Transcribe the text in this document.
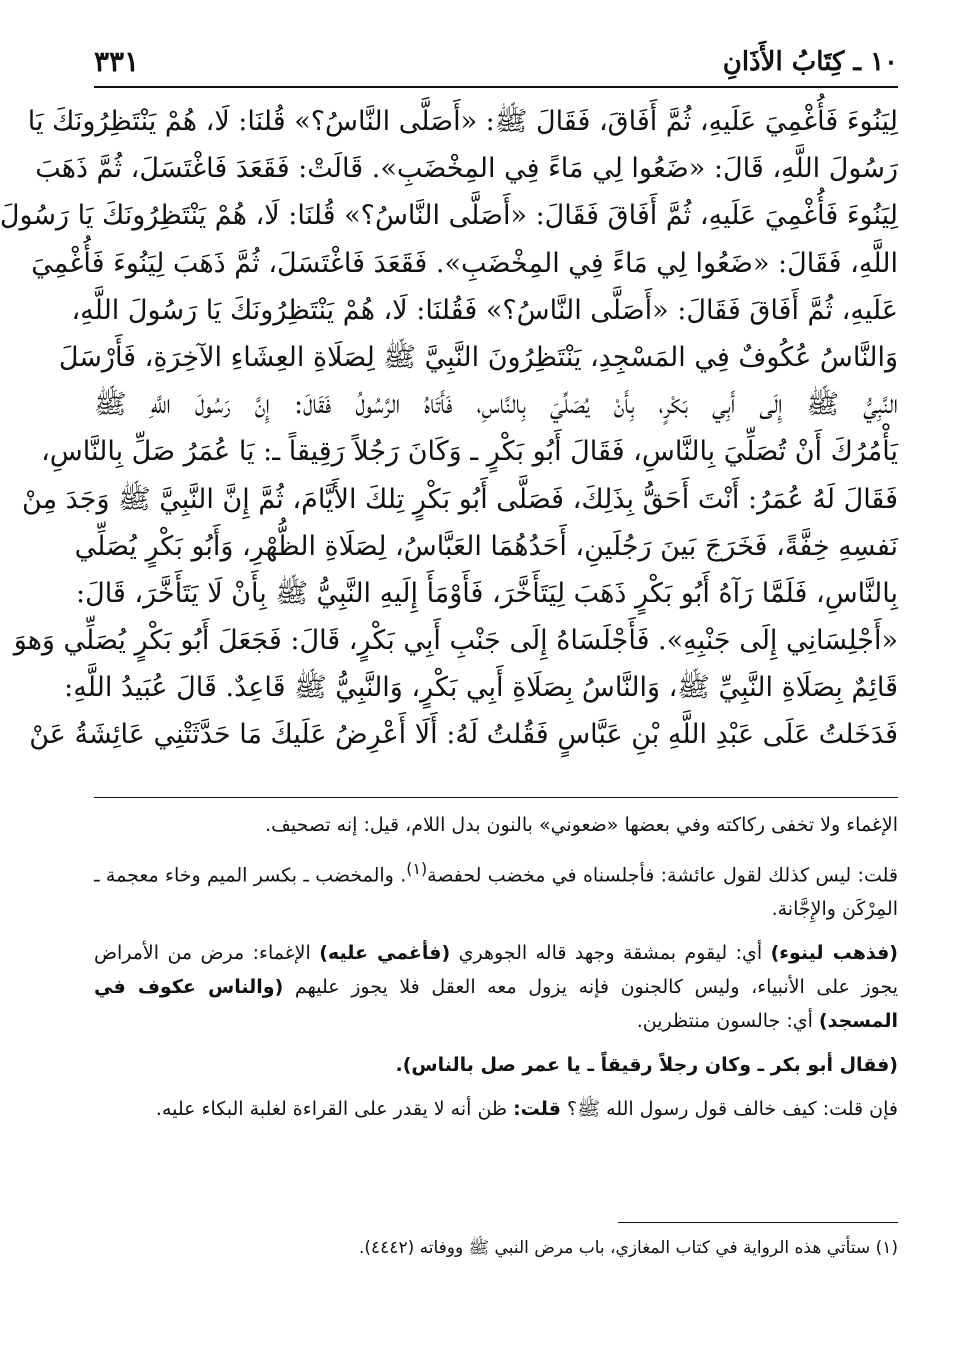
١٠ ـ كِتَابُ الأَذَانِ
٣٣١
لِيَنُوءَ فَأُغْمِيَ عَلَيهِ، ثُمَّ أَفَاقَ، فَقَالَ ﷺ: «أَصَلَّى النَّاسُ؟» قُلنَا: لَا، هُمْ يَنْتَظِرُونَكَ يَا
رَسُولَ اللَّهِ، قَالَ: «ضَعُوا لِي مَاءً فِي المِخْضَبِ». قَالَتْ: فَقَعَدَ فَاغْتَسَلَ، ثُمَّ ذَهَبَ
لِيَنُوءَ فَأُغْمِيَ عَلَيهِ، ثُمَّ أَفَاقَ فَقَالَ: «أَصَلَّى النَّاسُ؟» قُلنَا: لَا، هُمْ يَنْتَظِرُونَكَ يَا رَسُولَ
اللَّهِ، فَقَالَ: «ضَعُوا لِي مَاءً فِي المِخْضَبِ». فَقَعَدَ فَاغْتَسَلَ، ثُمَّ ذَهَبَ لِيَنُوءَ فَأُغْمِيَ
عَلَيهِ، ثُمَّ أَفَاقَ فَقَالَ: «أَصَلَّى النَّاسُ؟» فَقُلنَا: لَا، هُمْ يَنْتَظِرُونَكَ يَا رَسُولَ اللَّهِ،
وَالنَّاسُ عُكُوفٌ فِي المَسْجِدِ، يَنْتَظِرُونَ النَّبِيَّ ﷺ لِصَلَاةِ العِشَاءِ الآخِرَةِ، فَأَرْسَلَ
النَّبِيُّ ﷺ إِلَى أَبِي بَكْرٍ، بِأَنْ يُصَلِّيَ بِالنَّاسِ، فَأَتَاهُ الرَّسُولُ فَقَالَ: إِنَّ رَسُولَ اللَّهِ ﷺ
يَأْمُرُكَ أَنْ تُصَلِّيَ بِالنَّاسِ، فَقَالَ أَبُو بَكْرٍ ـ وَكَانَ رَجُلاً رَقِيقاً ـ: يَا عُمَرُ صَلِّ بِالنَّاسِ،
فَقَالَ لَهُ عُمَرُ: أَنْتَ أَحَقُّ بِذَلِكَ، فَصَلَّى أَبُو بَكْرٍ تِلكَ الأَيَّامَ، ثُمَّ إِنَّ النَّبِيَّ ﷺ وَجَدَ مِنْ
نَفسِهِ خِفَّةً، فَخَرَجَ بَينَ رَجُلَينِ، أَحَدُهُمَا العَبَّاسُ، لِصَلَاةِ الظُّهْرِ، وَأَبُو بَكْرٍ يُصَلِّي
بِالنَّاسِ، فَلَمَّا رَآهُ أَبُو بَكْرٍ ذَهَبَ لِيَتَأَخَّرَ، فَأَوْمَأَ إِلَيهِ النَّبِيُّ ﷺ بِأَنْ لَا يَتَأَخَّرَ، قَالَ:
«أَجْلِسَانِي إِلَى جَنْبِهِ». فَأَجْلَسَاهُ إِلَى جَنْبِ أَبِي بَكْرٍ، قَالَ: فَجَعَلَ أَبُو بَكْرٍ يُصَلِّي وَهوَ
قَائِمٌ بِصَلَاةِ النَّبِيِّ ﷺ، وَالنَّاسُ بِصَلَاةِ أَبِي بَكْرٍ، وَالنَّبِيُّ ﷺ قَاعِدٌ. قَالَ عُبَيدُ اللَّهِ:
فَدَخَلتُ عَلَى عَبْدِ اللَّهِ بْنِ عَبَّاسٍ فَقُلتُ لَهُ: أَلَا أَعْرِضُ عَلَيكَ مَا حَدَّثَتْنِي عَائِشَةُ عَنْ

الإغماء ولا تخفى ركاكته وفي بعضها «ضعوني» بالنون بدل اللام، قيل: إنه تصحيف.

قلت: ليس كذلك لقول عائشة: فأجلسناه في مخضب لحفصة$^{(١)}$. والمخضب ـ بكسر الميم وخاء معجمة ـ المِرْكَن والإِجَّانة.

(فذهب لينوء) أي: ليقوم بمشقة وجهد قاله الجوهري (فأغمي عليه) الإغماء: مرض من الأمراض يجوز على الأنبياء، وليس كالجنون فإنه يزول معه العقل فلا يجوز عليهم (والناس عكوف في المسجد) أي: جالسون منتظرين.

(فقال أبو بكر ـ وكان رجلاً رقيقاً ـ يا عمر صل بالناس).

فإن قلت: كيف خالف قول رسول الله ﷺ؟ قلت: ظن أنه لا يقدر على القراءة لغلبة البكاء عليه.

(١) ستأتي هذه الرواية في كتاب المغازي، باب مرض النبي ﷺ ووفاته (٤٤٤٢).
